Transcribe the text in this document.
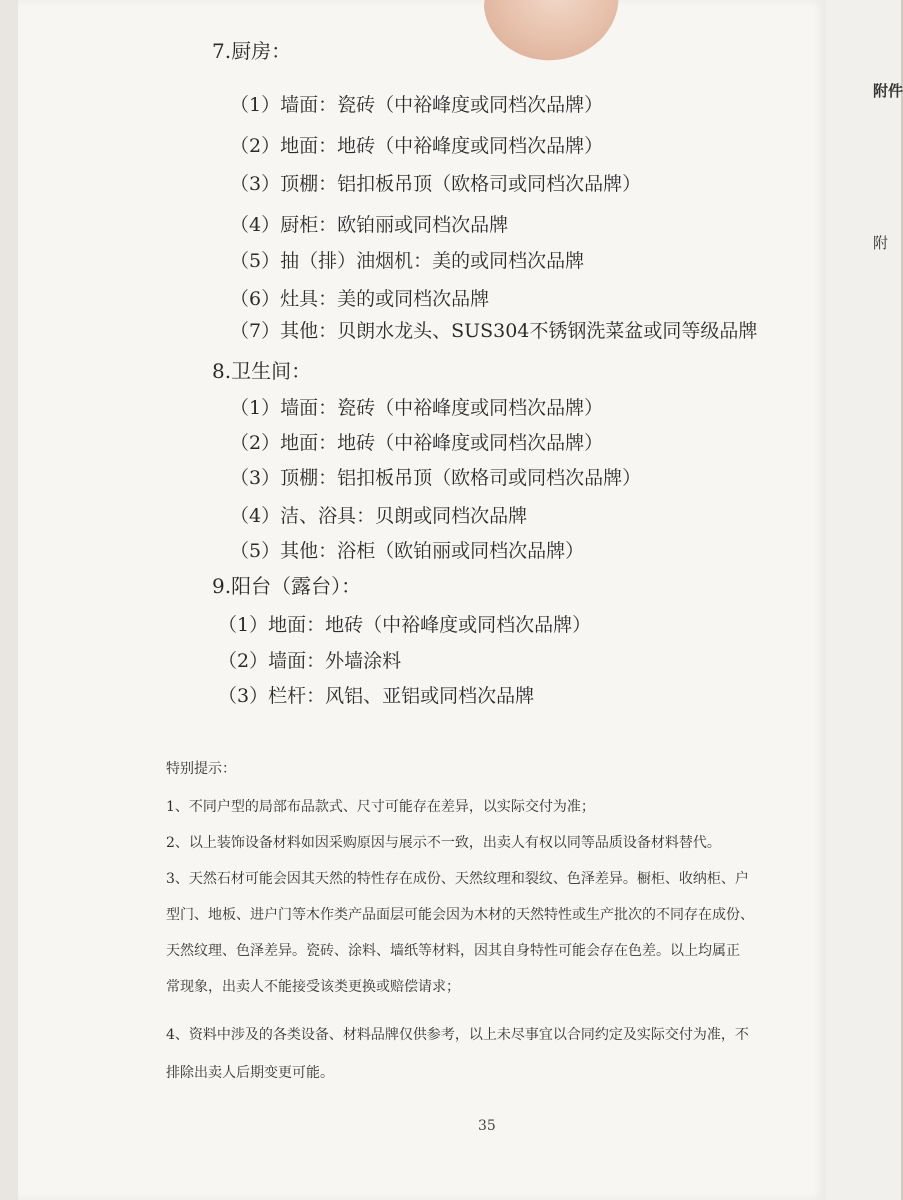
附件
附
7.厨房：
（1）墙面：瓷砖（中裕峰度或同档次品牌）
（2）地面：地砖（中裕峰度或同档次品牌）
（3）顶棚：铝扣板吊顶（欧格司或同档次品牌）
（4）厨柜：欧铂丽或同档次品牌
（5）抽（排）油烟机：美的或同档次品牌
（6）灶具：美的或同档次品牌
（7）其他：贝朗水龙头、SUS304不锈钢洗菜盆或同等级品牌
8.卫生间：
（1）墙面：瓷砖（中裕峰度或同档次品牌）
（2）地面：地砖（中裕峰度或同档次品牌）
（3）顶棚：铝扣板吊顶（欧格司或同档次品牌）
（4）洁、浴具：贝朗或同档次品牌
（5）其他：浴柜（欧铂丽或同档次品牌）
9.阳台（露台）：
（1）地面：地砖（中裕峰度或同档次品牌）
（2）墙面：外墙涂料
（3）栏杆：风铝、亚铝或同档次品牌
特别提示：
1、不同户型的局部布品款式、尺寸可能存在差异，以实际交付为准；
2、以上装饰设备材料如因采购原因与展示不一致，出卖人有权以同等品质设备材料替代。
3、天然石材可能会因其天然的特性存在成份、天然纹理和裂纹、色泽差异。橱柜、收纳柜、户
型门、地板、进户门等木作类产品面层可能会因为木材的天然特性或生产批次的不同存在成份、
天然纹理、色泽差异。瓷砖、涂料、墙纸等材料，因其自身特性可能会存在色差。以上均属正
常现象，出卖人不能接受该类更换或赔偿请求；
4、资料中涉及的各类设备、材料品牌仅供参考，以上未尽事宜以合同约定及实际交付为准，不
排除出卖人后期变更可能。
35
